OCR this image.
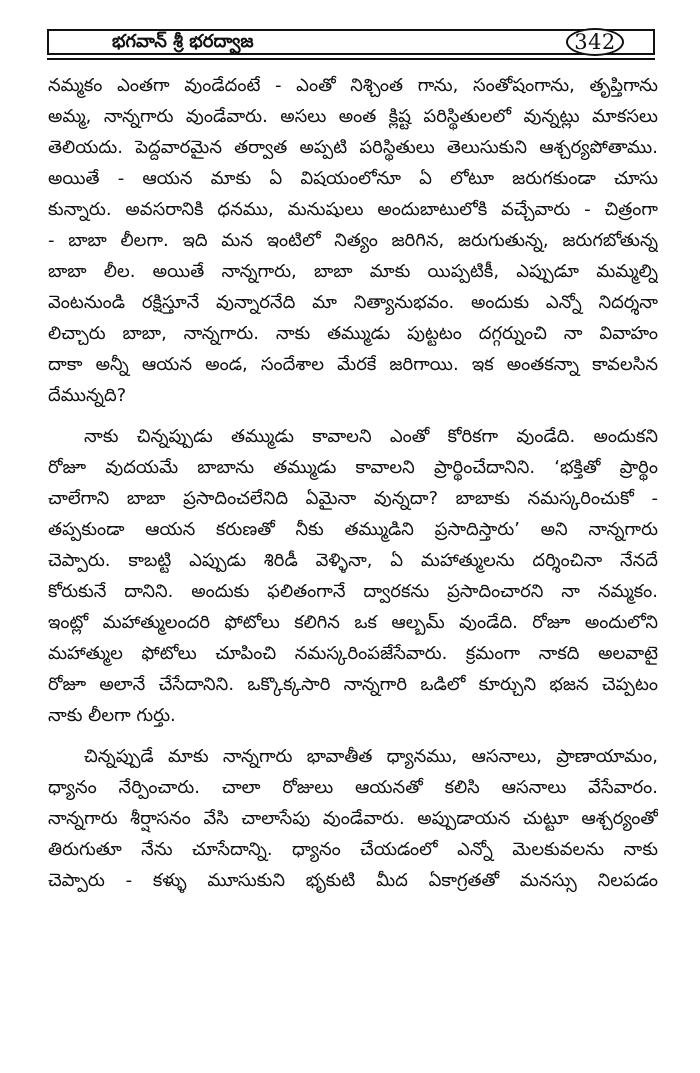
భగవాన్ శ్రీ భరద్వాజ	342
నమ్మకం ఎంతగా వుండేదంటే - ఎంతో నిశ్చింత గాను, సంతోషంగాను, తృప్తిగాను
అమ్మ, నాన్నగారు వుండేవారు. అసలు అంత క్లిష్ట పరిస్థితులలో వున్నట్లు మాకసలు
తెలియదు. పెద్దవారమైన తర్వాత అప్పటి పరిస్థితులు తెలుసుకుని ఆశ్చర్యపోతాము.
అయితే - ఆయన మాకు ఏ విషయంలోనూ ఏ లోటూ జరుగకుండా చూసు
కున్నారు. అవసరానికి ధనము, మనుషులు అందుబాటులోకి వచ్చేవారు - చిత్రంగా
- బాబా లీలగా. ఇది మన ఇంటిలో నిత్యం జరిగిన, జరుగుతున్న, జరుగబోతున్న
బాబా లీల. అయితే నాన్నగారు, బాబా మాకు యిప్పటికీ, ఎప్పుడూ మమ్మల్ని
వెంటనుండి రక్షిస్తూనే వున్నారనేది మా నిత్యానుభవం. అందుకు ఎన్నో నిదర్శనా
లిచ్చారు బాబా, నాన్నగారు. నాకు తమ్ముడు పుట్టటం దగ్గర్నుంచి నా వివాహం
దాకా అన్నీ ఆయన అండ, సందేశాల మేరకే జరిగాయి. ఇక అంతకన్నా కావలసిన
దేమున్నది?
నాకు చిన్నప్పుడు తమ్ముడు కావాలని ఎంతో కోరికగా వుండేది. అందుకని
రోజూ వుదయమే బాబాను తమ్ముడు కావాలని ప్రార్థించేదానిని. ‘భక్తితో ప్రార్థిం
చాలేగాని బాబా ప్రసాదించలేనిది ఏమైనా వున్నదా? బాబాకు నమస్కరించుకో -
తప్పకుండా ఆయన కరుణతో నీకు తమ్ముడిని ప్రసాదిస్తారు’ అని నాన్నగారు
చెప్పారు. కాబట్టి ఎప్పుడు శిరిడీ వెళ్ళినా, ఏ మహాత్ములను దర్శించినా నేనదే
కోరుకునే దానిని. అందుకు ఫలితంగానే ద్వారకను ప్రసాదించారని నా నమ్మకం.
ఇంట్లో మహాత్ములందరి ఫోటోలు కలిగిన ఒక ఆల్బమ్ వుండేది. రోజూ అందులోని
మహాత్ముల ఫోటోలు చూపించి నమస్కరింపజేసేవారు. క్రమంగా నాకది అలవాటై
రోజూ అలానే చేసేదానిని. ఒక్కొక్కసారి నాన్నగారి ఒడిలో కూర్చుని భజన చెప్పటం
నాకు లీలగా గుర్తు.
చిన్నప్పుడే మాకు నాన్నగారు భావాతీత ధ్యానము, ఆసనాలు, ప్రాణాయామం,
ధ్యానం నేర్పించారు. చాలా రోజులు ఆయనతో కలిసి ఆసనాలు వేసేవారం.
నాన్నగారు శీర్షాసనం వేసి చాలాసేపు వుండేవారు. అప్పుడాయన చుట్టూ ఆశ్చర్యంతో
తిరుగుతూ నేను చూసేదాన్ని. ధ్యానం చేయడంలో ఎన్నో మెలకువలను నాకు
చెప్పారు - కళ్ళు మూసుకుని భృకుటి మీద ఏకాగ్రతతో మనస్సు నిలపడం
